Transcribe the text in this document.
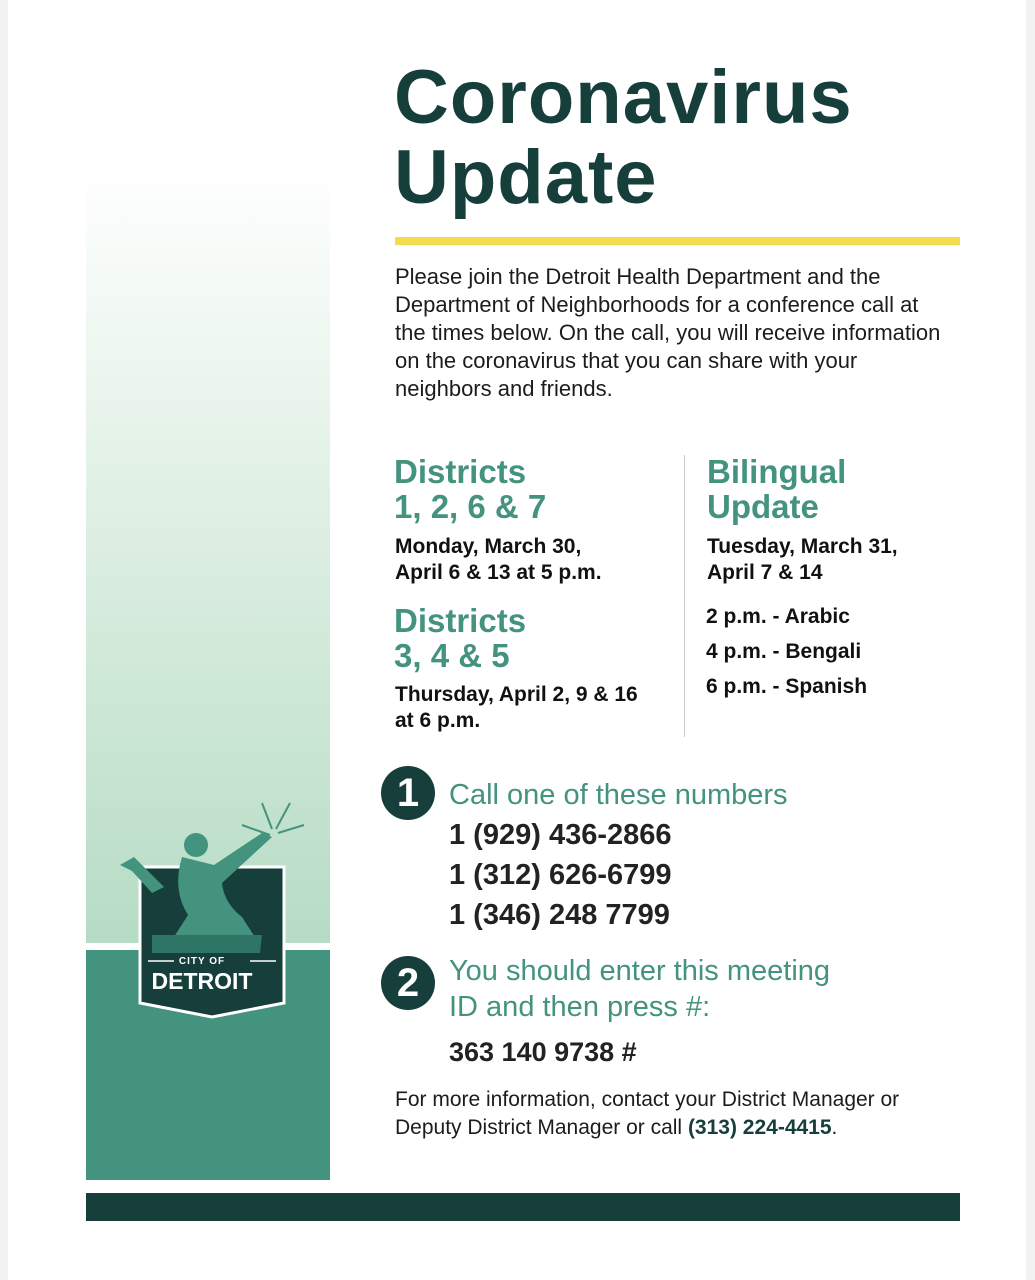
CITY OF
DETROIT
Coronavirus
Update

Please join the Detroit Health Department and the Department of Neighborhoods for a conference call at the times below. On the call, you will receive information on the coronavirus that you can share with your neighbors and friends.

Districts
1, 2, 6 & 7

Monday, March 30,
April 6 & 13 at 5 p.m.

Districts
3, 4 & 5

Thursday, April 2, 9 & 16
at 6 p.m.

Bilingual
Update

Tuesday, March 31,
April 7 & 14

2 p.m. - Arabic

4 p.m. - Bengali

6 p.m. - Spanish

1	Call one of these numbers

1 (929) 436-2866

1 (312) 626-6799

1 (346) 248 7799

2	You should enter this meeting
ID and then press #:

363 140 9738 #

For more information, contact your District Manager or Deputy District Manager or call (313) 224-4415.
